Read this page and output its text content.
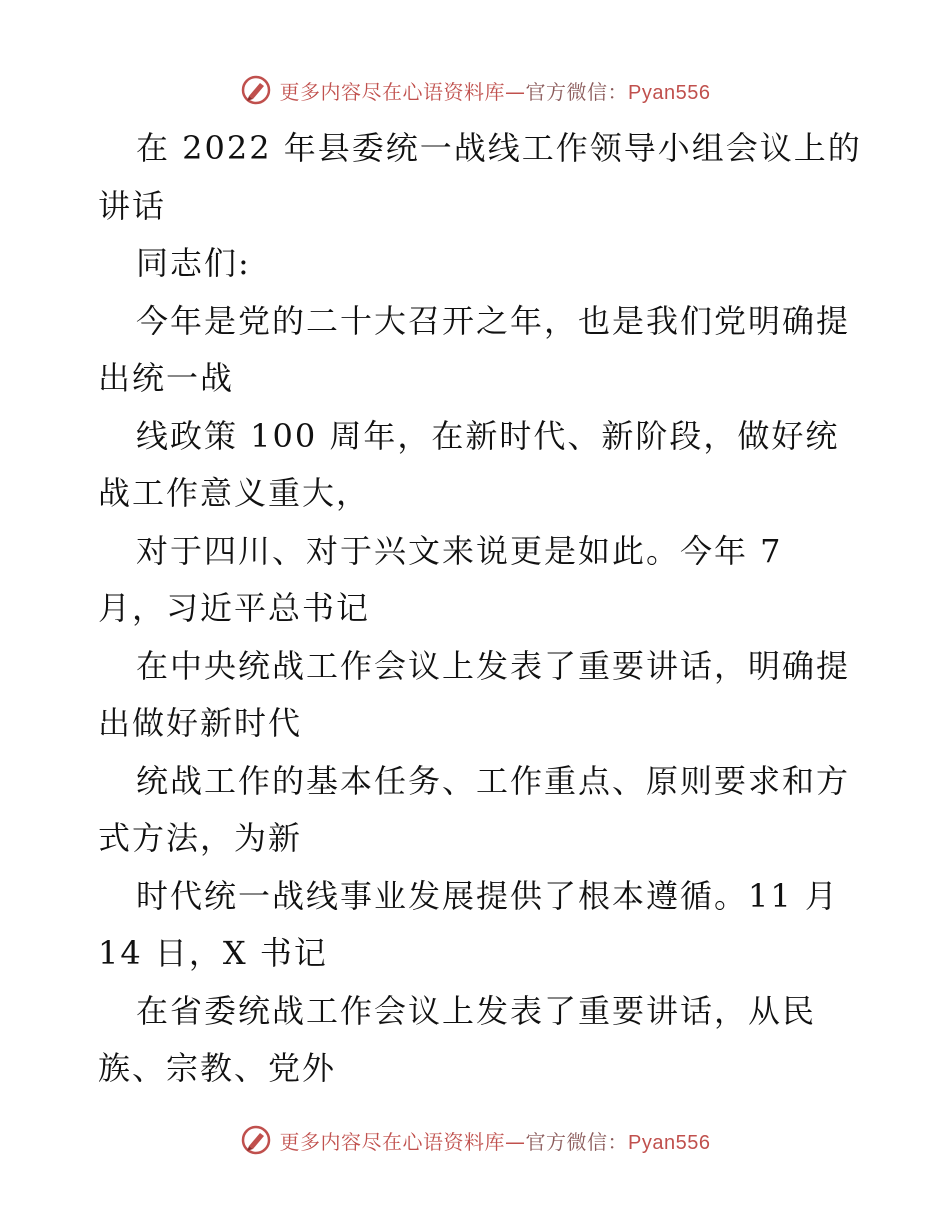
更多内容尽在心语资料库—官方微信：Pyan556
在 2022 年县委统一战线工作领导小组会议上的
讲话
同志们:
今年是党的二十大召开之年，也是我们党明确提
出统一战
线政策 100 周年，在新时代、新阶段，做好统
战工作意义重大，
对于四川、对于兴文来说更是如此。今年 7
月，习近平总书记
在中央统战工作会议上发表了重要讲话，明确提
出做好新时代
统战工作的基本任务、工作重点、原则要求和方
式方法，为新
时代统一战线事业发展提供了根本遵循。11 月
14 日，X 书记
在省委统战工作会议上发表了重要讲话，从民
族、宗教、党外
更多内容尽在心语资料库—官方微信：Pyan556
